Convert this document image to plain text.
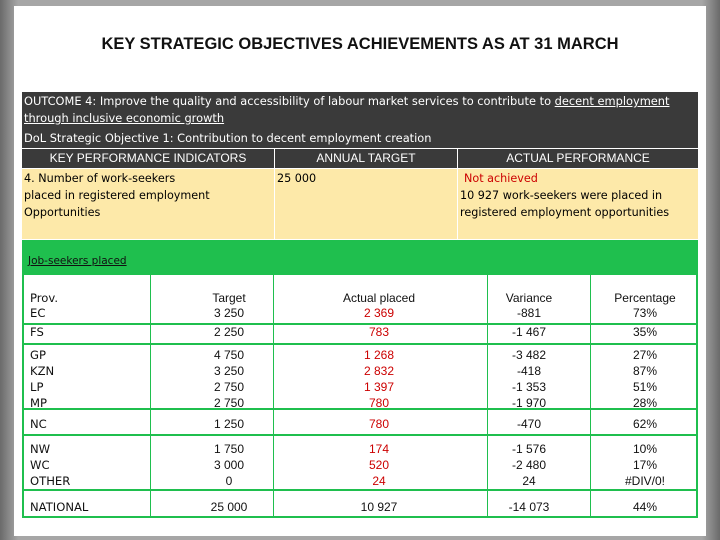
KEY STRATEGIC OBJECTIVES ACHIEVEMENTS AS AT 31 MARCH
OUTCOME 4: Improve the quality and accessibility of labour market services to contribute to decent employment through inclusive economic growth
DoL Strategic Objective 1: Contribution to decent employment creation
KEY PERFORMANCE INDICATORS	ANNUAL TARGET	ACTUAL PERFORMANCE
4. Number of work-seekers
placed in registered employment
Opportunities
25 000	Not achieved
10 927 work-seekers were placed in
registered employment opportunities
Job-seekers placed
Prov.	Target	Actual placed	Variance	Percentage
EC	3 250	2 369	-881	73%
FS	2 250	783	-1 467	35%
GP	4 750	1 268	-3 482	27%
KZN	3 250	2 832	-418	87%
LP	2 750	1 397	-1 353	51%
MP	2 750	780	-1 970	28%
NC	1 250	780	-470	62%
NW	1 750	174	-1 576	10%
WC	3 000	520	-2 480	17%
OTHER	0	24	24	#DIV/0!
NATIONAL	25 000	10 927	-14 073	44%
